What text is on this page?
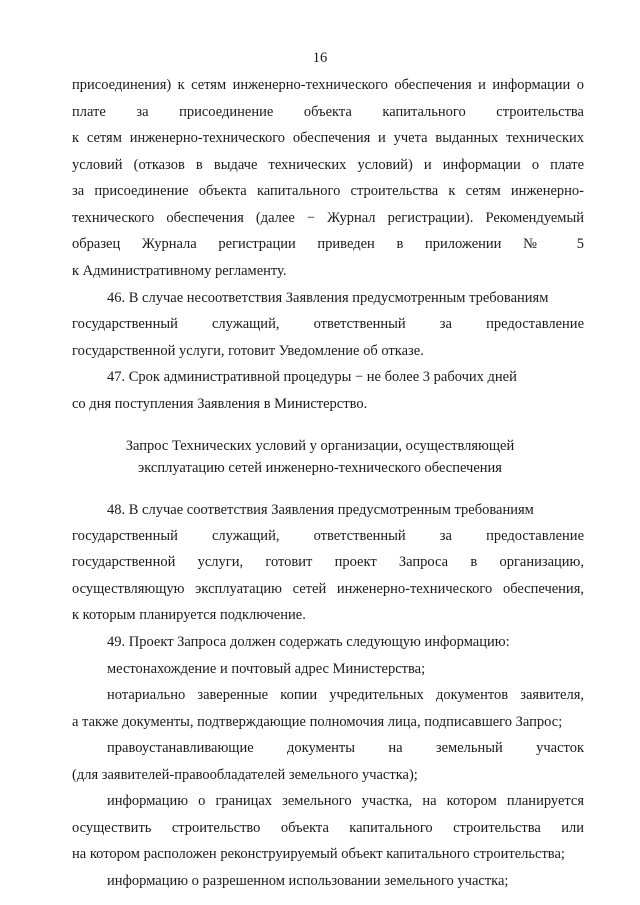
16
присоединения) к сетям инженерно-технического обеспечения и информации о
плате за присоединение объекта капитального строительства
к сетям инженерно-технического обеспечения и учета выданных технических
условий (отказов в выдаче технических условий) и информации о плате
за присоединение объекта капитального строительства к сетям инженерно-
технического обеспечения (далее − Журнал регистрации). Рекомендуемый
образец Журнала регистрации приведен в приложении № 5
к Административному регламенту.
46. В случае несоответствия Заявления предусмотренным требованиям
государственный служащий, ответственный за предоставление
государственной услуги, готовит Уведомление об отказе.
47. Срок административной процедуры − не более 3 рабочих дней
со дня поступления Заявления в Министерство.
Запрос Технических условий у организации, осуществляющей
эксплуатацию сетей инженерно-технического обеспечения
48. В случае соответствия Заявления предусмотренным требованиям
государственный служащий, ответственный за предоставление
государственной услуги, готовит проект Запроса в организацию,
осуществляющую эксплуатацию сетей инженерно-технического обеспечения,
к которым планируется подключение.
49. Проект Запроса должен содержать следующую информацию:
местонахождение и почтовый адрес Министерства;
нотариально заверенные копии учредительных документов заявителя,
а также документы, подтверждающие полномочия лица, подписавшего Запрос;
правоустанавливающие документы на земельный участок
(для заявителей-правообладателей земельного участка);
информацию о границах земельного участка, на котором планируется
осуществить строительство объекта капитального строительства или
на котором расположен реконструируемый объект капитального строительства;
информацию о разрешенном использовании земельного участка;
